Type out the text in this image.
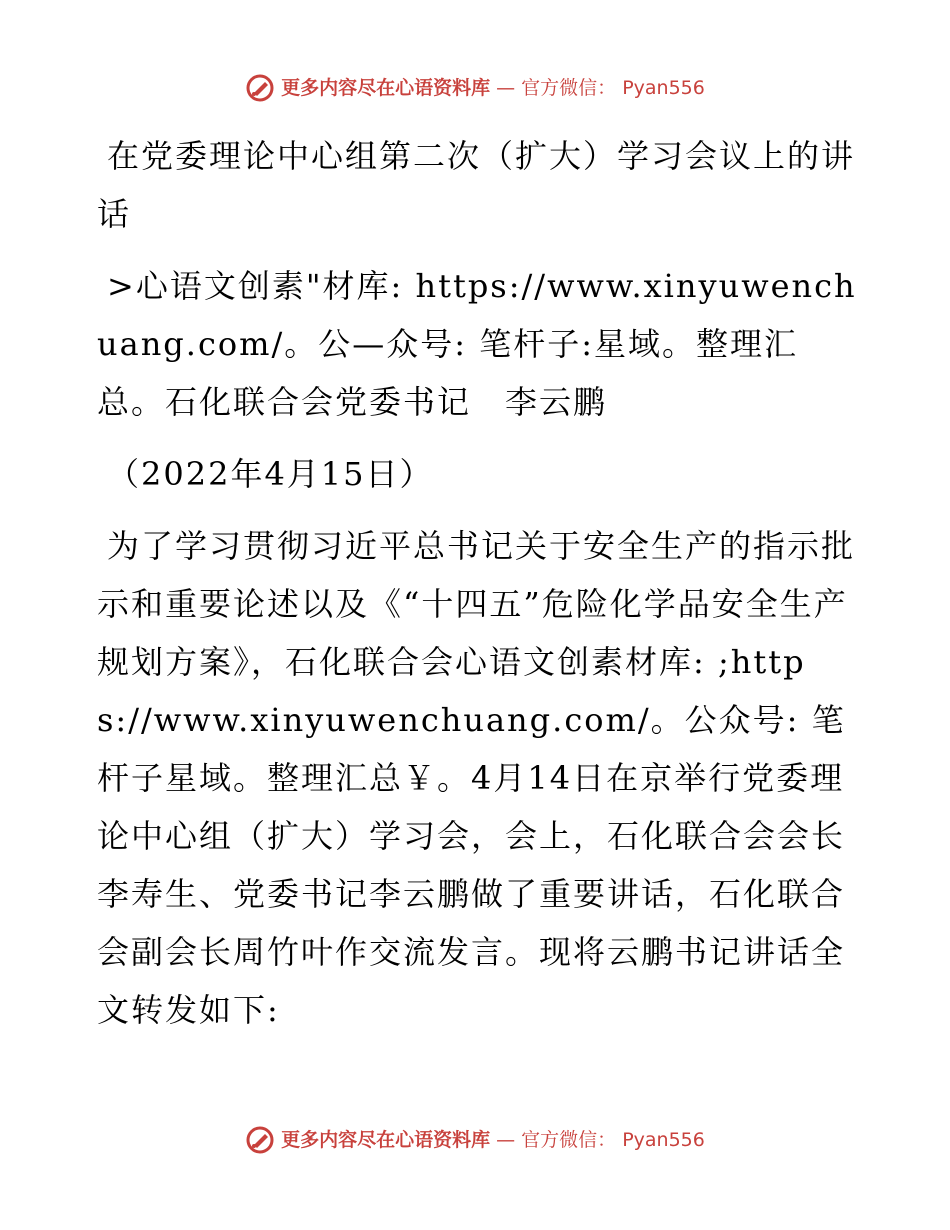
更多内容尽在心语资料库 — 官方微信： Pyan556

在党委理论中心组第二次（扩大）学习会议上的讲话

>心语文创素"材库: https://www.xinyuwenchuang.com/。公—众号: 笔杆子:星域。整理汇总。石化联合会党委书记　李云鹏

（2022年4月15日）

为了学习贯彻习近平总书记关于安全生产的指示批示和重要论述以及《“十四五”危险化学品安全生产规划方案》，石化联合会心语文创素材库: ;https://www.xinyuwenchuang.com/。公众号: 笔杆子星域。整理汇总￥。4月14日在京举行党委理论中心组（扩大）学习会，会上，石化联合会会长李寿生、党委书记李云鹏做了重要讲话，石化联合会副会长周竹叶作交流发言。现将云鹏书记讲话全文转发如下:

更多内容尽在心语资料库 — 官方微信： Pyan556
